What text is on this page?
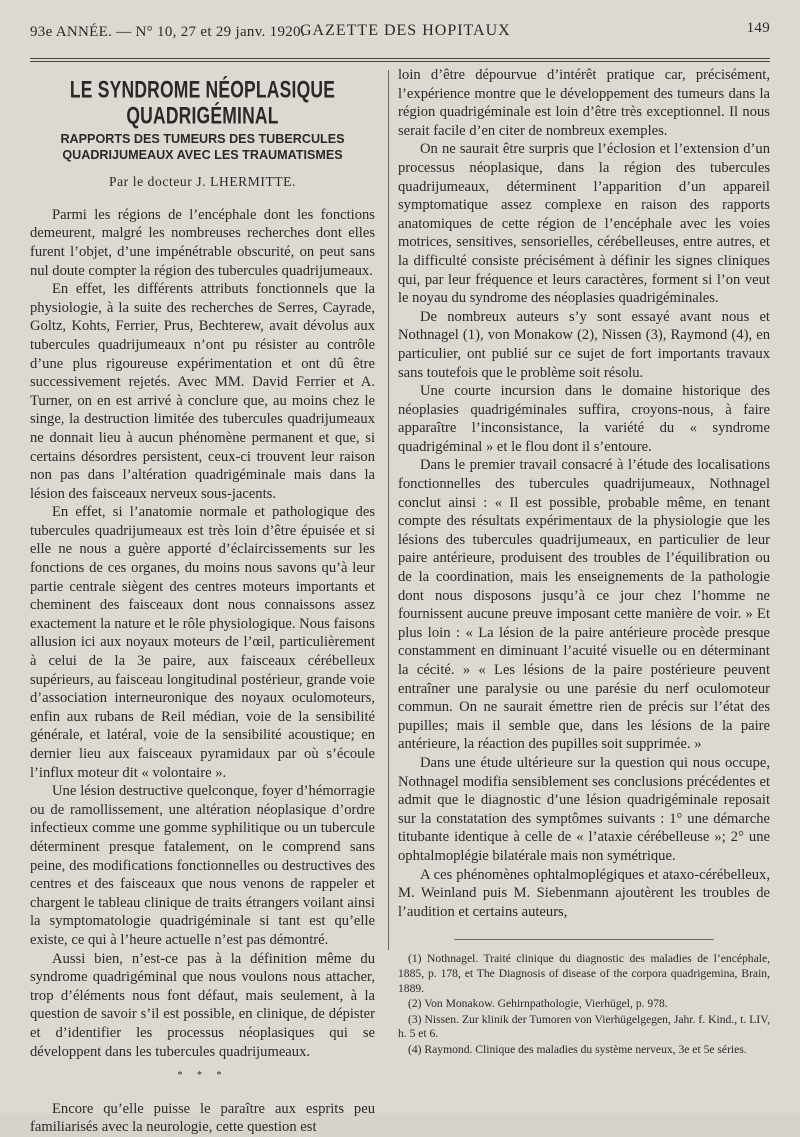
93e ANNÉE. — N° 10, 27 et 29 janv. 1920.
GAZETTE DES HOPITAUX	149
LE SYNDROME NÉOPLASIQUE QUADRIGÉMINAL
RAPPORTS DES TUMEURS DES TUBERCULES QUADRIJUMEAUX AVEC LES TRAUMATISMES
Par le docteur J. LHERMITTE.

Parmi les régions de l’encéphale dont les fonctions demeurent, malgré les nombreuses recherches dont elles furent l’objet, d’une impénétrable obscurité, on peut sans nul doute compter la région des tubercules quadrijumeaux.

En effet, les différents attributs fonctionnels que la physiologie, à la suite des recherches de Serres, Cayrade, Goltz, Kohts, Ferrier, Prus, Bechterew, avait dévolus aux tubercules quadrijumeaux n’ont pu résister au contrôle d’une plus rigoureuse expérimentation et ont dû être successivement rejetés. Avec MM. David Ferrier et A. Turner, on en est arrivé à conclure que, au moins chez le singe, la destruction limitée des tubercules quadrijumeaux ne donnait lieu à aucun phénomène permanent et que, si certains désordres persistent, ceux-ci trouvent leur raison non pas dans l’altération quadrigéminale mais dans la lésion des faisceaux nerveux sous-jacents.

En effet, si l’anatomie normale et pathologique des tubercules quadrijumeaux est très loin d’être épuisée et si elle ne nous a guère apporté d’éclaircissements sur les fonctions de ces organes, du moins nous savons qu’à leur partie centrale siègent des centres moteurs importants et cheminent des faisceaux dont nous connaissons assez exactement la nature et le rôle physiologique. Nous faisons allusion ici aux noyaux moteurs de l’œil, particulièrement à celui de la 3e paire, aux faisceaux cérébelleux supérieurs, au faisceau longitudinal postérieur, grande voie d’association interneuronique des noyaux oculomoteurs, enfin aux rubans de Reil médian, voie de la sensibilité générale, et latéral, voie de la sensibilité acoustique; en dernier lieu aux faisceaux pyramidaux par où s’écoule l’influx moteur dit « volontaire ».

Une lésion destructive quelconque, foyer d’hémorragie ou de ramollissement, une altération néoplasique d’ordre infectieux comme une gomme syphilitique ou un tubercule déterminent presque fatalement, on le comprend sans peine, des modifications fonctionnelles ou destructives des centres et des faisceaux que nous venons de rappeler et chargent le tableau clinique de traits étrangers voilant ainsi la symptomatologie quadrigéminale si tant est qu’elle existe, ce qui à l’heure actuelle n’est pas démontré.

Aussi bien, n’est-ce pas à la définition même du syndrome quadrigéminal que nous voulons nous attacher, trop d’éléments nous font défaut, mais seulement, à la question de savoir s’il est possible, en clinique, de dépister et d’identifier les processus néoplasiques qui se développent dans les tubercules quadrijumeaux.

* * *

Encore qu’elle puisse le paraître aux esprits peu familiarisés avec la neurologie, cette question est

loin d’être dépourvue d’intérêt pratique car, précisément, l’expérience montre que le développement des tumeurs dans la région quadrigéminale est loin d’être très exceptionnel. Il nous serait facile d’en citer de nombreux exemples.

On ne saurait être surpris que l’éclosion et l’extension d’un processus néoplasique, dans la région des tubercules quadrijumeaux, déterminent l’apparition d’un appareil symptomatique assez complexe en raison des rapports anatomiques de cette région de l’encéphale avec les voies motrices, sensitives, sensorielles, cérébelleuses, entre autres, et la difficulté consiste précisément à définir les signes cliniques qui, par leur fréquence et leurs caractères, forment si l’on veut le noyau du syndrome des néoplasies quadrigéminales.

De nombreux auteurs s’y sont essayé avant nous et Nothnagel (1), von Monakow (2), Nissen (3), Raymond (4), en particulier, ont publié sur ce sujet de fort importants travaux sans toutefois que le problème soit résolu.

Une courte incursion dans le domaine historique des néoplasies quadrigéminales suffira, croyons-nous, à faire apparaître l’inconsistance, la variété du « syndrome quadrigéminal » et le flou dont il s’entoure.

Dans le premier travail consacré à l’étude des localisations fonctionnelles des tubercules quadrijumeaux, Nothnagel conclut ainsi : « Il est possible, probable même, en tenant compte des résultats expérimentaux de la physiologie que les lésions des tubercules quadrijumeaux, en particulier de leur paire antérieure, produisent des troubles de l’équilibration ou de la coordination, mais les enseignements de la pathologie dont nous disposons jusqu’à ce jour chez l’homme ne fournissent aucune preuve imposant cette manière de voir. » Et plus loin : « La lésion de la paire antérieure procède presque constamment en diminuant l’acuité visuelle ou en déterminant la cécité. » « Les lésions de la paire postérieure peuvent entraîner une paralysie ou une parésie du nerf oculomoteur commun. On ne saurait émettre rien de précis sur l’état des pupilles; mais il semble que, dans les lésions de la paire antérieure, la réaction des pupilles soit supprimée. »

Dans une étude ultérieure sur la question qui nous occupe, Nothnagel modifia sensiblement ses conclusions précédentes et admit que le diagnostic d’une lésion quadrigéminale reposait sur la constatation des symptômes suivants : 1° une démarche titubante identique à celle de « l’ataxie cérébelleuse »; 2° une ophtalmoplégie bilatérale mais non symétrique.

A ces phénomènes ophtalmoplégiques et ataxo-cérébelleux, M. Weinland puis M. Siebenmann ajoutèrent les troubles de l’audition et certains auteurs,

(1) Nothnagel. Traité clinique du diagnostic des maladies de l’encéphale, 1885, p. 178, et The Diagnosis of disease of the corpora quadrigemina, Brain, 1889.
(2) Von Monakow. Gehirnpathologie, Vierhügel, p. 978.
(3) Nissen. Zur klinik der Tumoren von Vierhügelgegen, Jahr. f. Kind., t. LIV, h. 5 et 6.
(4) Raymond. Clinique des maladies du système nerveux, 3e et 5e séries.
